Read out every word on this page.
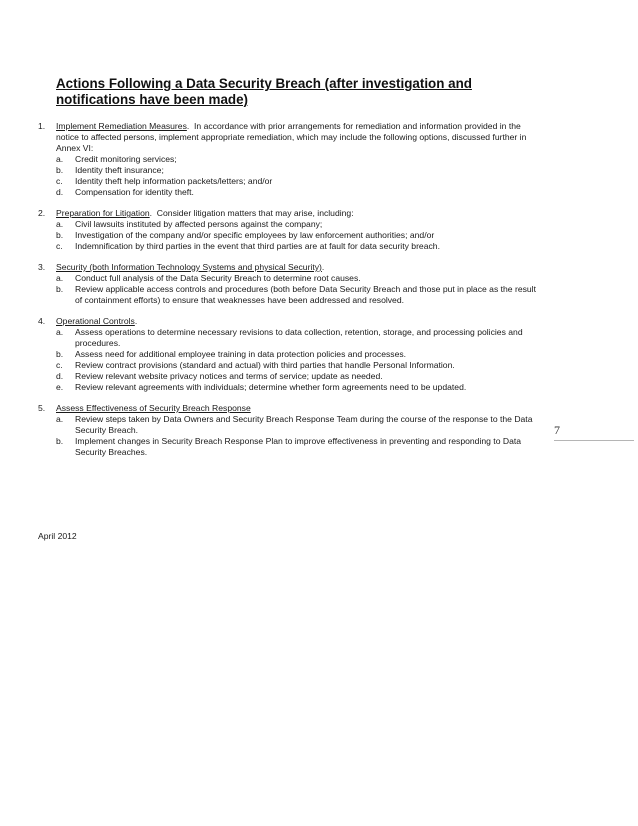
Actions Following a Data Security Breach (after investigation and notifications have been made)
1. Implement Remediation Measures.  In accordance with prior arrangements for remediation and information provided in the notice to affected persons, implement appropriate remediation, which may include the following options, discussed further in Annex VI:
a. Credit monitoring services;
b. Identity theft insurance;
c. Identity theft help information packets/letters; and/or
d. Compensation for identity theft.
2. Preparation for Litigation.  Consider litigation matters that may arise, including:
a. Civil lawsuits instituted by affected persons against the company;
b. Investigation of the company and/or specific employees by law enforcement authorities; and/or
c. Indemnification by third parties in the event that third parties are at fault for data security breach.
3. Security (both Information Technology Systems and physical Security).
a. Conduct full analysis of the Data Security Breach to determine root causes.
b. Review applicable access controls and procedures (both before Data Security Breach and those put in place as the result of containment efforts) to ensure that weaknesses have been addressed and resolved.
4. Operational Controls.
a. Assess operations to determine necessary revisions to data collection, retention, storage, and processing policies and procedures.
b. Assess need for additional employee training in data protection policies and processes.
c. Review contract provisions (standard and actual) with third parties that handle Personal Information.
d. Review relevant website privacy notices and terms of service; update as needed.
e. Review relevant agreements with individuals; determine whether form agreements need to be updated.
5. Assess Effectiveness of Security Breach Response
a. Review steps taken by Data Owners and Security Breach Response Team during the course of the response to the Data Security Breach.
b. Implement changes in Security Breach Response Plan to improve effectiveness in preventing and responding to Data Security Breaches.
7
April 2012
